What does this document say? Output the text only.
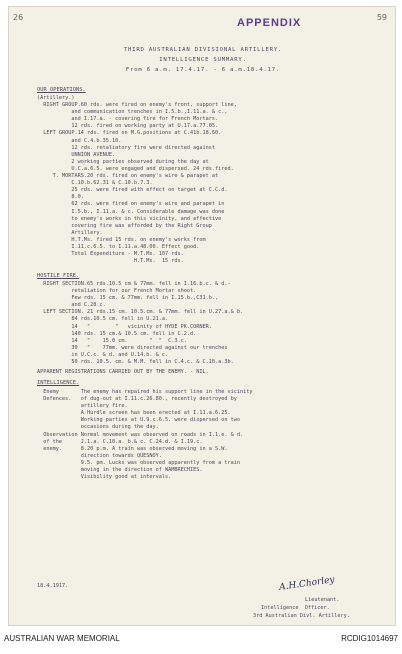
26	59
APPENDIX
THIRD AUSTRALIAN DIVISIONAL ARTILLERY.
INTELLIGENCE SUMMARY.
From 6 a.m. 17.4.17. - 6 a.m.18.4.17.
OUR OPERATIONS.
(Artillery.)
RIGHT GROUP.60 rds. were fired on enemy's front, support line,
and communication trenches in I.5.b.,I.11.a. & c.,
and I.17.a. - covering fire for French Mortars.
12 rds. fired on working party at U.17.a.77.05.
LEFT GROUP.14 rds. fired on M.G.positions at C.41b.18.60.
and C.4.b.35.10.
12 rds. retaliatory fire were directed against
UNNION AVENUE.
2 working parties observed during the day at
U.C.a.6.5. were engaged and dispersed. 24 rds.fired.
T. MORTARS.20 rds. fired on enemy's wire & parapet at
C.10.b.62.31 & C.10.b.7.3.
25 rds. were fired with effect on target at C.C.d.
8.0.
62 rds. were fired on enemy's wire and parapet in
I.5.b., I.11.a. & c. Considerable damage was done
to enemy's works in this vicinity, and effective
covering fire was afforded by the Right Group
Artillery.
H.T.Ms. fired 15 rds. on enemy's works from
I.11.c.6.5. to I.11.a.48.00. Effect good.
Total Expenditure - M.T.Ms. 107 rds.
H.T.Ms.  15 rds.
HOSTILE FIRE.
RIGHT SECTION.65 rds.10.5 cm & 77mm. fell in I.16.b.c. & d.-
retaliation for our French Mortar shoot.
Few rds. 15 cm. & 77mm. fell in I.15.b.,C31.b.,
and C.28.c.
LEFT SECTION. 21 rds.15 cm. 10.5.cm. & 77mm. fell in U.27.a.& b.
84 rds.10.5 cm. fell in U.21.a.
14   "        "   vicinity of HYDE PK.CORNER.
140 rds. 15 cm.& 10.5 cm. fell in C.2.d.
14   "    15.0 cm.       "  "  C.3.c.
30   "    77mm. were directed against our trenches
in U.C.c. & d. and U.14.b. & c.
50 rds. 10.5. cm. & M.M. fell in C.4.c. & C.10.a.3b.
APPARENT REGISTRATIONS CARRIED OUT BY THE ENEMY. - NIL.
INTELLIGENCE.
Enemy       The enemy has repaired his support line in the vicinity
Defences.   of dug-out at I.11.c.26.80., recently destroyed by
artillery fire.
A Hurdle screen has been erected at I.11.a.6.25.
Working parties at U.9.c.6.5. were dispersed on two
occasions during the day.
Observation Normal movement was observed on roads in I.1.e. & d.
of the      J.1.a. C.10.a. b.& c. C.24.d. & I.19.c.
enemy.      8.20 p.m. A train was observed moving in a S.W.
direction towards QUESNOY.
9.5. pm. Lucks was observed apparently from a train
moving in the direction of WAMBRECHIES.
Visibility good at intervals.
18.4.1917.	A.H.Chorley
Lieutenant.
Intelligence  Officer.
3rd Australian Divl. Artillery.
AUSTRALIAN WAR MEMORIAL	RCDIG1014697
